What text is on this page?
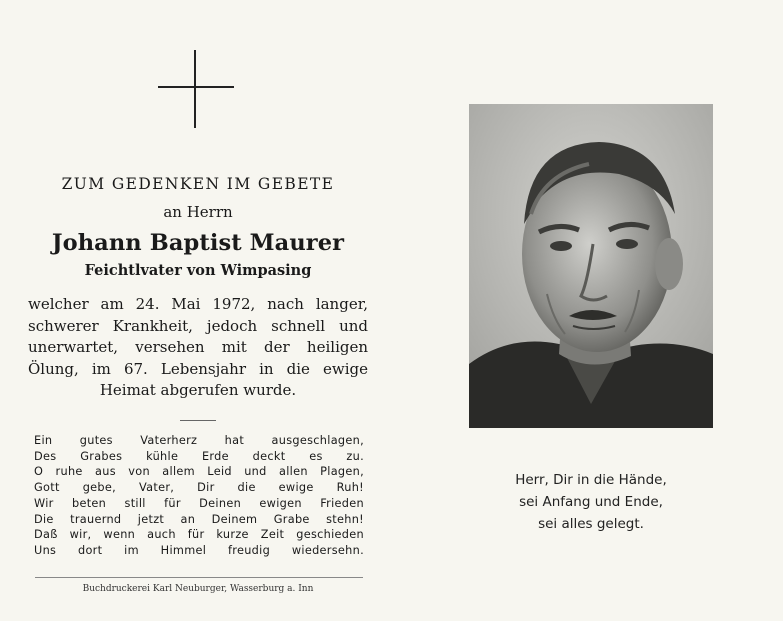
ZUM GEDENKEN IM GEBETE
an Herrn
Johann Baptist Maurer
Feichtlvater von Wimpasing
welcher am 24. Mai 1972, nach langer,
schwerer Krankheit, jedoch schnell und
unerwartet, versehen mit der heiligen
Ölung, im 67. Lebensjahr in die ewige
Heimat abgerufen wurde.
Ein gutes Vaterherz hat ausgeschlagen,
Des Grabes kühle Erde deckt es zu.
O ruhe aus von allem Leid und allen Plagen,
Gott gebe, Vater, Dir die ewige Ruh!
Wir beten still für Deinen ewigen Frieden
Die trauernd jetzt an Deinem Grabe stehn!
Daß wir, wenn auch für kurze Zeit geschieden
Uns dort im Himmel freudig wiedersehn.
Buchdruckerei Karl Neuburger, Wasserburg a. Inn
Herr, Dir in die Hände,
sei Anfang und Ende,
sei alles gelegt.
